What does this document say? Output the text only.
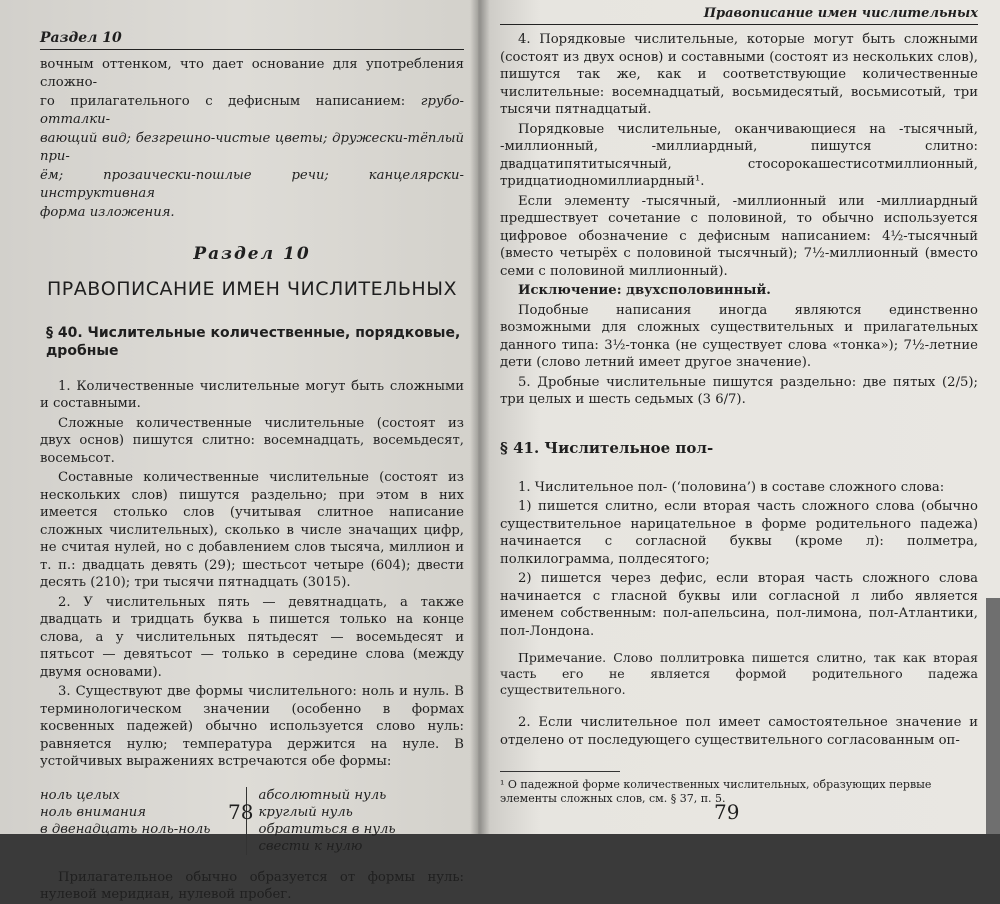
Раздел 10
вочным оттенком, что дает основание для употребления сложно-
го прилагательного с дефисным написанием: грубо-отталки-
вающий вид; безгрешно-чистые цветы; дружески-тёплый при-
ём; прозаически-пошлые речи; канцелярски-инструктивная
форма изложения.
Раздел 10
ПРАВОПИСАНИЕ ИМЕН ЧИСЛИТЕЛЬНЫХ
§ 40. Числительные количественные, порядковые, дробные

1. Количественные числительные могут быть сложными и составными.

Сложные количественные числительные (состоят из двух основ) пишутся слитно: восемнадцать, восемьдесят, восемьсот.

Составные количественные числительные (состоят из нескольких слов) пишутся раздельно; при этом в них имеется столько слов (учитывая слитное написание сложных числительных), сколько в числе значащих цифр, не считая нулей, но с добавлением слов тысяча, миллион и т. п.: двадцать девять (29); шестьсот четыре (604); двести десять (210); три тысячи пятнадцать (3015).

2. У числительных пять — девятнадцать, а также двадцать и тридцать буква ь пишется только на конце слова, а у числительных пятьдесят — восемьдесят и пятьсот — девятьсот — только в середине слова (между двумя основами).

3. Существуют две формы числительного: ноль и нуль. В терминологическом значении (особенно в формах косвенных падежей) обычно используется слово нуль: равняется нулю; температура держится на нуле. В устойчивых выражениях встречаются обе формы:

ноль целых
ноль внимания
в двенадцать ноль-ноль
абсолютный нуль
круглый нуль
обратиться в нуль
свести к нулю

Прилагательное обычно образуется от формы нуль: нулевой меридиан, нулевой пробег.

78
Правописание имен числительных

4. Порядковые числительные, которые могут быть сложными (состоят из двух основ) и составными (состоят из нескольких слов), пишутся так же, как и соответствующие количественные числительные: восемнадцатый, восьмидесятый, восьмисотый, три тысячи пятнадцатый.

Порядковые числительные, оканчивающиеся на -тысячный, -миллионный, -миллиардный, пишутся слитно: двадцатипятитысячный, стосорокашестисотмиллионный, тридцатиодномиллиардный¹.

Если элементу -тысячный, -миллионный или -миллиардный предшествует сочетание с половиной, то обычно используется цифровое обозначение с дефисным написанием: 4½-тысячный (вместо четырёх с половиной тысячный); 7½-миллионный (вместо семи с половиной миллионный).

Исключение: двухсполовинный.

Подобные написания иногда являются единственно возможными для сложных существительных и прилагательных данного типа: 3½-тонка (не существует слова «тонка»); 7½-летние дети (слово летний имеет другое значение).

5. Дробные числительные пишутся раздельно: две пятых (2/5); три целых и шесть седьмых (3 6/7).

§ 41. Числительное пол-

1. Числительное пол- (‘половина’) в составе сложного слова:

1) пишется слитно, если вторая часть сложного слова (обычно существительное нарицательное в форме родительного падежа) начинается с согласной буквы (кроме л): полметра, полкилограмма, полдесятого;

2) пишется через дефис, если вторая часть сложного слова начинается с гласной буквы или согласной л либо является именем собственным: пол-апельсина, пол-лимона, пол-Атлантики, пол-Лондона.

Примечание. Слово поллитровка пишется слитно, так как вторая часть его не является формой родительного падежа существительного.

2. Если числительное пол имеет самостоятельное значение и отделено от последующего существительного согласованным оп-

¹ О падежной форме количественных числительных, образующих первые элементы сложных слов, см. § 37, п. 5.
79
